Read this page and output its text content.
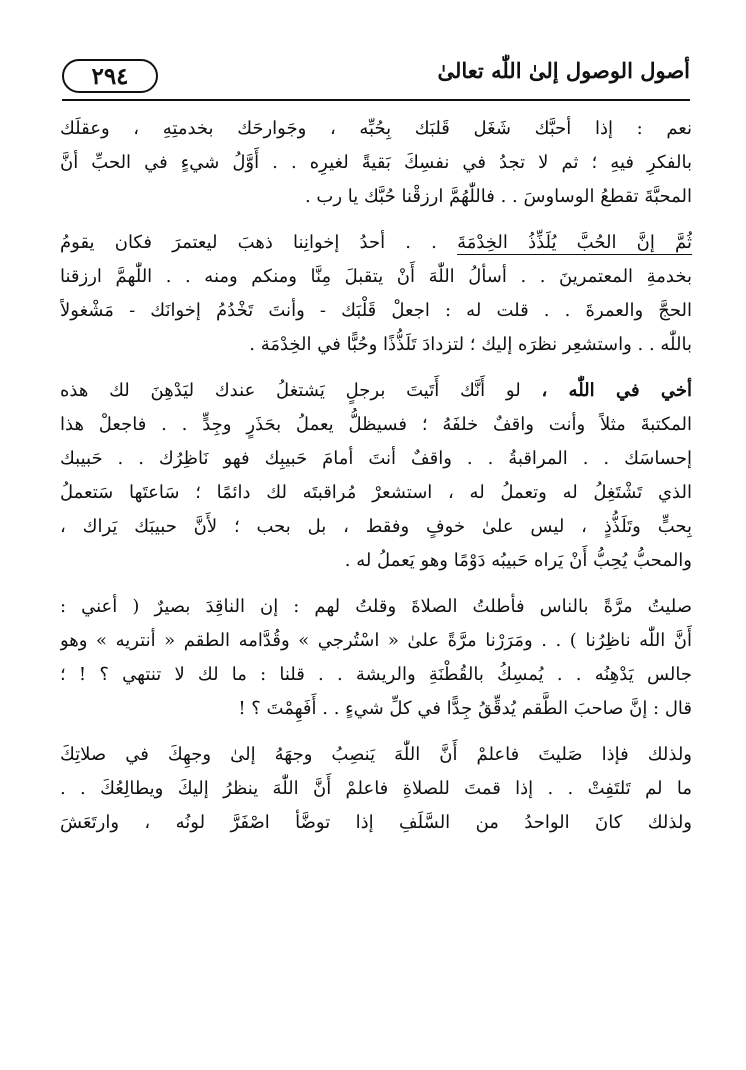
٢٩٤	أصول الوصول إلىٰ اللّٰه تعالىٰ
نعم : إذا أحبَّك شَغَل قَلبَك بِحُبِّه ، وجَوارحَك بخدمتِهِ ، وعقلَك
بالفكرِ فيهِ ؛ ثم لا تجدُ في نفسِكَ بَقيةً لغيرِه . . أَوَّلُ شيءٍ في الحبِّ أنَّ
المحبَّةَ تقطعُ الوساوسَ . . فاللّٰهُمَّ ارزقْنا حُبَّك يا رب .
ثُمَّ إنَّ الحُبَّ يُلَذِّذُ الخِدْمَةَ . . أحدُ إخوانِنا ذهبَ ليعتمرَ فكان يقومُ
بخدمةِ المعتمرينَ . . أسألُ اللّٰهَ أَنْ يتقبلَ مِنَّا ومنكم ومنه . . اللّٰهمَّ ارزقنا
الحجَّ والعمرةَ . . قلت له : اجعلْ قَلْبَك - وأنتَ تَخْدُمُ إخوانَك - مَشْغولاً
باللّٰه . . واستشعِر نظرَه إليك ؛ لتزدادَ تَلَذُّذًا وحُبًّا في الخِدْمَة .
أخي في اللّٰه ، لو أَنَّك أَتَيتَ برجلٍ يَشتغلُ عندك ليَدْهِنَ لك هذه
المكتبةَ مثلاً وأنت واقفٌ خلفَهُ ؛ فسيظلُّ يعملُ بحَذَرٍ وجِدٍّ . . فاجعلْ هذا
إحساسَك . . المراقبةُ . . واقفٌ أنتَ أمامَ حَبيبِك فهو نَاظِرُك . . حَبيبك
الذي تَشْتَغِلُ له وتعملُ له ، استشعرْ مُراقبتَه لك دائمًا ؛ سَاعتَها سَتعملُ
بِحبٍّ وتَلَذُّذٍ ، ليس علىٰ خوفٍ وفقط ، بل بحب ؛ لأَنَّ حبيبَك يَراك ،
والمحبُّ يُحِبُّ أَنْ يَراه حَبيبُه دَوْمًا وهو يَعملُ له .
صليتُ مرَّةً بالناس فأطلتُ الصلاةَ وقلتُ لهم : إن الناقِدَ بصيرٌ ( أعني :
أَنَّ اللّٰه ناظِرُنا ) . . ومَرَرْنا مرَّةً علىٰ « اسْتُرجي » وقُدَّامه الطقم « أنتريه » وهو
جالس يَدْهِنُه . . يُمسِكُ بالقُطْنَةِ والريشة . . قلنا : ما لك لا تنتهي ؟ ! ؛
قال : إنَّ صاحبَ الطَّقم يُدقِّقُ جِدًّا في كلِّ شيءٍ . . أَفَهِمْتَ ؟ !
ولذلك فإذا صَليتَ فاعلمْ أَنَّ اللّٰهَ يَنصِبُ وجهَهُ إلىٰ وجهِكَ في صلاتِكَ
ما لم تَلتَفِتْ . . إذا قمتَ للصلاةِ فاعلمْ أَنَّ اللّٰهَ ينظرُ إليكَ ويطالِعُكَ . .
ولذلك كانَ الواحدُ من السَّلَفِ إذا توضَّأ اصْفَرَّ لونُه ، وارتَعَشَ
